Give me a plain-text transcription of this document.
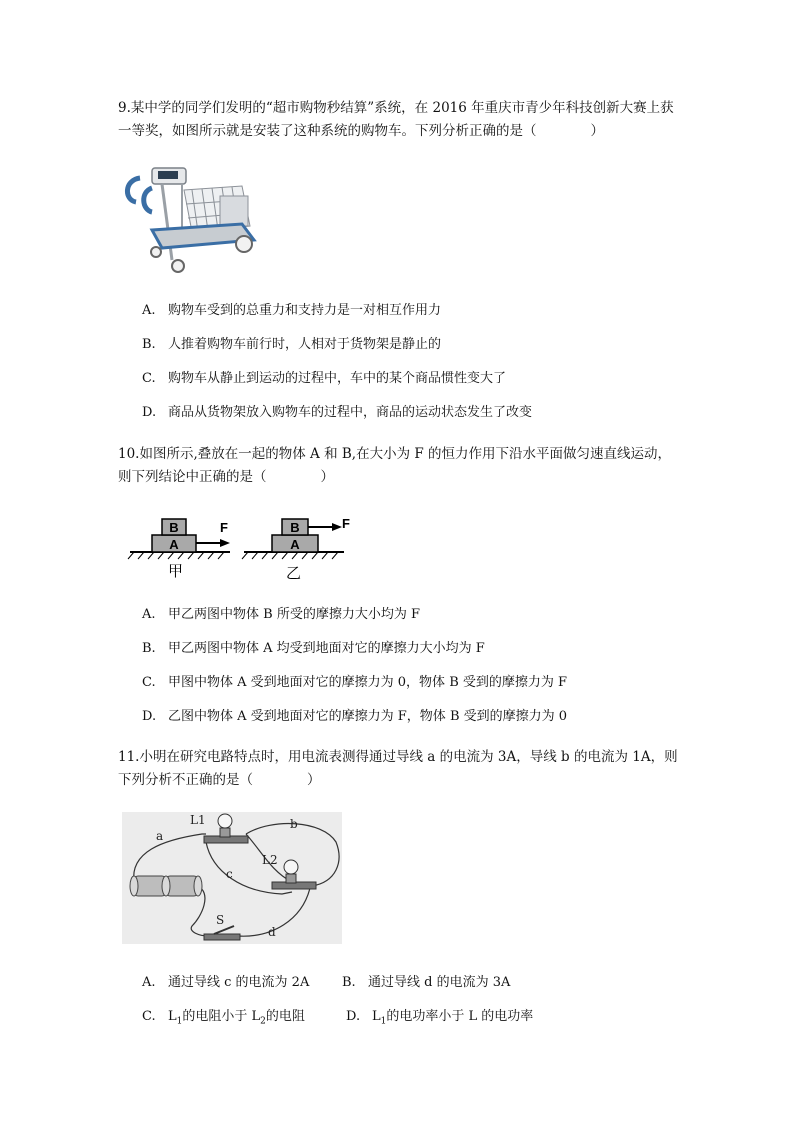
9.某中学的同学们发明的“超市购物秒结算”系统，在 2016 年重庆市青少年科技创新大赛上获一等奖，如图所示就是安装了这种系统的购物车。下列分析正确的是（　　　　）
A. 购物车受到的总重力和支持力是一对相互作用力
B. 人推着购物车前行时，人相对于货物架是静止的
C. 购物车从静止到运动的过程中，车中的某个商品惯性变大了
D. 商品从货物架放入购物车的过程中，商品的运动状态发生了改变
10.如图所示,叠放在一起的物体 A 和 B,在大小为 F 的恒力作用下沿水平面做匀速直线运动，则下列结论中正确的是（　　　　）
A
B	F
甲
A
B	F
乙
A. 甲乙两图中物体 B 所受的摩擦力大小均为 F
B. 甲乙两图中物体 A 均受到地面对它的摩擦力大小均为 F
C. 甲图中物体 A 受到地面对它的摩擦力为 0，物体 B 受到的摩擦力为 F
D. 乙图中物体 A 受到地面对它的摩擦力为 F，物体 B 受到的摩擦力为 0
11.小明在研究电路特点时，用电流表测得通过导线 a 的电流为 3A，导线 b 的电流为 1A，则下列分析不正确的是（　　　　）
L1
L2
S
a
b
c
d
A. 通过导线 c 的电流为 2A	B. 通过导线 d 的电流为 3A
C. $L_1$的电阻小于 $L_2$的电阻	D. $L_1$的电功率小于 L 的电功率
